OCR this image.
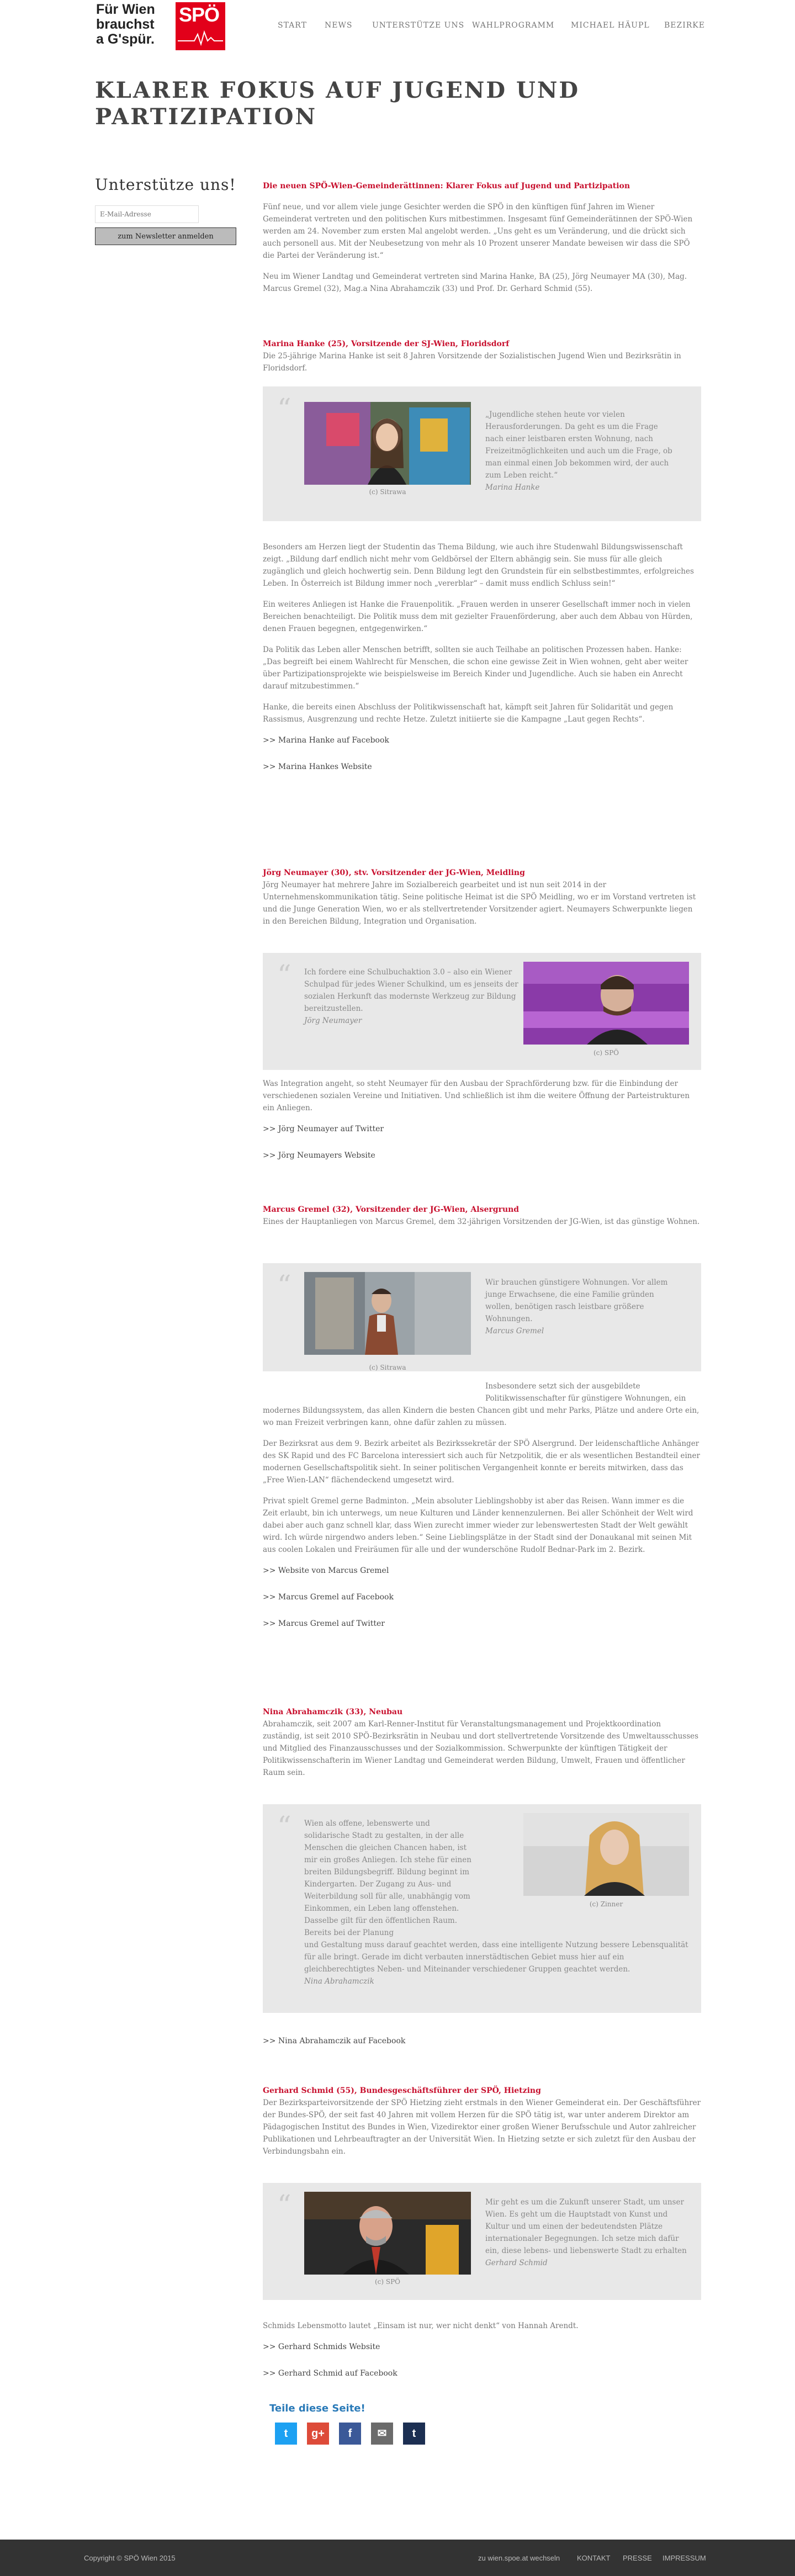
Für Wien
brauchst
a G'spür.
SPÖ	START NEWS	UNTERSTÜTZE UNS WAHLPROGRAMM MICHAEL HÄUPL BEZIRKE
KLARER FOKUS AUF JUGEND UND PARTIZIPATION
Unterstütze uns!
E-Mail-Adresse
zum Newsletter anmelden

Die neuen SPÖ-Wien-Gemeinderättinnen: Klarer Fokus auf Jugend und Partizipation

Fünf neue, und vor allem viele junge Gesichter werden die SPÖ in den künftigen fünf Jahren im Wiener Gemeinderat vertreten und den politischen Kurs mitbestimmen. Insgesamt fünf Gemeinderätinnen der SPÖ-Wien werden am 24. November zum ersten Mal angelobt werden. „Uns geht es um Veränderung, und die drückt sich auch personell aus. Mit der Neubesetzung von mehr als 10 Prozent unserer Mandate beweisen wir dass die SPÖ die Partei der Veränderung ist.“

Neu im Wiener Landtag und Gemeinderat vertreten sind Marina Hanke, BA (25), Jörg Neumayer MA (30), Mag. Marcus Gremel (32), Mag.a Nina Abrahamczik (33) und Prof. Dr. Gerhard Schmid (55).

Marina Hanke (25), Vorsitzende der SJ-Wien, Floridsdorf

Die 25-jährige Marina Hanke ist seit 8 Jahren Vorsitzende der Sozialistischen Jugend Wien und Bezirksrätin in Floridsdorf.

“
(c) Sitrawa
„Jugendliche stehen heute vor vielen Herausforderungen. Da geht es um die Frage nach einer leistbaren ersten Wohnung, nach Freizeitmöglichkeiten und auch um die Frage, ob man einmal einen Job bekommen wird, der auch zum Leben reicht.“
Marina Hanke

Besonders am Herzen liegt der Studentin das Thema Bildung, wie auch ihre Studenwahl Bildungswissenschaft zeigt. „Bildung darf endlich nicht mehr vom Geldbörsel der Eltern abhängig sein. Sie muss für alle gleich zugänglich und gleich hochwertig sein. Denn Bildung legt den Grundstein für ein selbstbestimmtes, erfolgreiches Leben. In Österreich ist Bildung immer noch „vererblar“ – damit muss endlich Schluss sein!“

Ein weiteres Anliegen ist Hanke die Frauenpolitik. „Frauen werden in unserer Gesellschaft immer noch in vielen Bereichen benachteiligt. Die Politik muss dem mit gezielter Frauenförderung, aber auch dem Abbau von Hürden, denen Frauen begegnen, entgegenwirken.“

Da Politik das Leben aller Menschen betrifft, sollten sie auch Teilhabe an politischen Prozessen haben. Hanke: „Das begreift bei einem Wahlrecht für Menschen, die schon eine gewisse Zeit in Wien wohnen, geht aber weiter über Partizipationsprojekte wie beispielsweise im Bereich Kinder und Jugendliche. Auch sie haben ein Anrecht darauf mitzubestimmen.“

Hanke, die bereits einen Abschluss der Politikwissenschaft hat, kämpft seit Jahren für Solidarität und gegen Rassismus, Ausgrenzung und rechte Hetze. Zuletzt initiierte sie die Kampagne „Laut gegen Rechts“.

>> Marina Hanke auf Facebook
>> Marina Hankes Website
Jörg Neumayer (30), stv. Vorsitzender der JG-Wien, Meidling

Jörg Neumayer hat mehrere Jahre im Sozialbereich gearbeitet und ist nun seit 2014 in der Unternehmenskommunikation tätig. Seine politische Heimat ist die SPÖ Meidling, wo er im Vorstand vertreten ist und die Junge Generation Wien, wo er als stellvertretender Vorsitzender agiert. Neumayers Schwerpunkte liegen in den Bereichen Bildung, Integration und Organisation.

“ Ich fordere eine Schulbuchaktion 3.0 – also ein Wiener Schulpad für jedes Wiener Schulkind, um es jenseits der sozialen Herkunft das modernste Werkzeug zur Bildung bereitzustellen.
Jörg Neumayer
(c) SPÖ

Was Integration angeht, so steht Neumayer für den Ausbau der Sprachförderung bzw. für die Einbindung der verschiedenen sozialen Vereine und Initiativen. Und schließlich ist ihm die weitere Öffnung der Parteistrukturen ein Anliegen.

>> Jörg Neumayer auf Twitter
>> Jörg Neumayers Website
Marcus Gremel (32), Vorsitzender der JG-Wien, Alsergrund

Eines der Hauptanliegen von Marcus Gremel, dem 32-jährigen Vorsitzenden der JG-Wien, ist das günstige Wohnen.

“	Wir brauchen günstigere Wohnungen. Vor allem junge Erwachsene, die eine Familie gründen wollen, benötigen rasch leistbare größere Wohnungen.
Marcus Gremel
(c) Sitrawa

Insbesondere setzt sich der ausgebildete Politikwissenschafter für günstigere Wohnungen, ein

modernes Bildungssystem, das allen Kindern die besten Chancen gibt und mehr Parks, Plätze und andere Orte ein, wo man Freizeit verbringen kann, ohne dafür zahlen zu müssen.

Der Bezirksrat aus dem 9. Bezirk arbeitet als Bezirkssekretär der SPÖ Alsergrund. Der leidenschaftliche Anhänger des SK Rapid und des FC Barcelona interessiert sich auch für Netzpolitik, die er als wesentlichen Bestandteil einer modernen Gesellschaftspolitik sieht. In seiner politischen Vergangenheit konnte er bereits mitwirken, dass das „Free Wien-LAN“ flächendeckend umgesetzt wird.

Privat spielt Gremel gerne Badminton. „Mein absoluter Lieblingshobby ist aber das Reisen. Wann immer es die Zeit erlaubt, bin ich unterwegs, um neue Kulturen und Länder kennenzulernen. Bei aller Schönheit der Welt wird dabei aber auch ganz schnell klar, dass Wien zurecht immer wieder zur lebenswertesten Stadt der Welt gewählt wird. Ich würde nirgendwo anders leben.“ Seine Lieblingsplätze in der Stadt sind der Donaukanal mit seinen Mit aus coolen Lokalen und Freiräumen für alle und der wunderschöne Rudolf Bednar-Park im 2. Bezirk.

>> Website von Marcus Gremel
>> Marcus Gremel auf Facebook
>> Marcus Gremel auf Twitter
Nina Abrahamczik (33), Neubau

Abrahamczik, seit 2007 am Karl-Renner-Institut für Veranstaltungsmanagement und Projektkoordination zuständig, ist seit 2010 SPÖ-Bezirksrätin in Neubau und dort stellvertretende Vorsitzende des Umweltausschusses und Mitglied des Finanzausschusses und der Sozialkommission. Schwerpunkte der künftigen Tätigkeit der Politikwissenschafterin im Wiener Landtag und Gemeinderat werden Bildung, Umwelt, Frauen und öffentlicher Raum sein.

“ Wien als offene, lebenswerte und solidarische Stadt zu gestalten, in der alle Menschen die gleichen Chancen haben, ist mir ein großes Anliegen. Ich stehe für einen breiten Bildungsbegriff. Bildung beginnt im Kindergarten. Der Zugang zu Aus- und Weiterbildung soll für alle, unabhängig vom Einkommen, ein Leben lang offenstehen. Dasselbe gilt für den öffentlichen Raum. Bereits bei der Planung
(c) Zinner
und Gestaltung muss darauf geachtet werden, dass eine intelligente Nutzung bessere Lebensqualität für alle bringt. Gerade im dicht verbauten innerstädtischen Gebiet muss hier auf ein gleichberechtigtes Neben- und Miteinander verschiedener Gruppen geachtet werden.
Nina Abrahamczik
>> Nina Abrahamczik auf Facebook
Gerhard Schmid (55), Bundesgeschäftsführer der SPÖ, Hietzing

Der Bezirksparteivorsitzende der SPÖ Hietzing zieht erstmals in den Wiener Gemeinderat ein. Der Geschäftsführer der Bundes-SPÖ, der seit fast 40 Jahren mit vollem Herzen für die SPÖ tätig ist, war unter anderem Direktor am Pädagogischen Institut des Bundes in Wien, Vizedirektor einer großen Wiener Berufsschule und Autor zahlreicher Publikationen und Lehrbeauftragter an der Universität Wien. In Hietzing setzte er sich zuletzt für den Ausbau der Verbindungsbahn ein.

“
(c) SPÖ
Mir geht es um die Zukunft unserer Stadt, um unser Wien. Es geht um die Hauptstadt von Kunst und Kultur und um einen der bedeutendsten Plätze internationaler Begegnungen. Ich setze mich dafür ein, diese lebens- und liebenswerte Stadt zu erhalten
Gerhard Schmid

Schmids Lebensmotto lautet „Einsam ist nur, wer nicht denkt“ von Hannah Arendt.

>> Gerhard Schmids Website
>> Gerhard Schmid auf Facebook
Teile diese Seite!
t	g+	f	✉	t
Copyright © SPÖ Wien 2015	zu wien.spoe.at wechseln KONTAKT PRESSE IMPRESSUM
